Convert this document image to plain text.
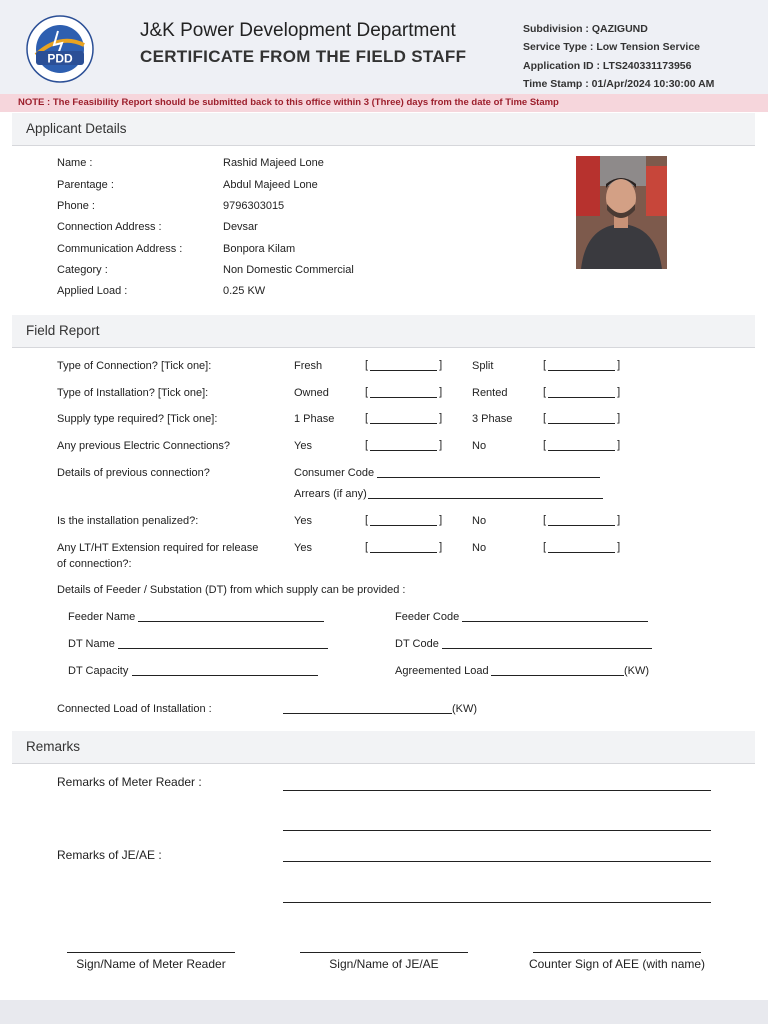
PDD
J&K Power Development Department
CERTIFICATE FROM THE FIELD STAFF
Subdivision : QAZIGUND
Service Type : Low Tension Service
Application ID : LTS240331173956
Time Stamp : 01/Apr/2024 10:30:00 AM
NOTE : The Feasibility Report should be submitted back to this office within 3 (Three) days from the date of Time Stamp
Applicant Details
Name :	Rashid Majeed Lone
Parentage :	Abdul Majeed Lone
Phone :	9796303015
Connection Address :	Devsar
Communication Address :	Bonpora Kilam
Category :	Non Domestic Commercial
Applied Load :	0.25 KW
Field Report
Type of Connection? [Tick one]:	Fresh	[	]	Split	[	]
Type of Installation? [Tick one]:	Owned	[	]	Rented	[	]
Supply type required? [Tick one]:	1 Phase	[	]	3 Phase	[	]
Any previous Electric Connections?	Yes	[	]	No	[	]
Details of previous connection?	Consumer Code
Arrears (if any)
Is the installation penalized?:	Yes	[	]	No	[	]
Any LT/HT Extension required for release
of connection?:
Yes	[	]	No	[	]
Details of Feeder / Substation (DT) from which supply can be provided :
Feeder Name	Feeder Code
DT Name	DT Code
DT Capacity	Agreemented Load	(KW)
Connected Load of Installation :	(KW)
Remarks
Remarks of Meter Reader :
Remarks of JE/AE :
Sign/Name of Meter Reader	Sign/Name of JE/AE	Counter Sign of AEE (with name)
